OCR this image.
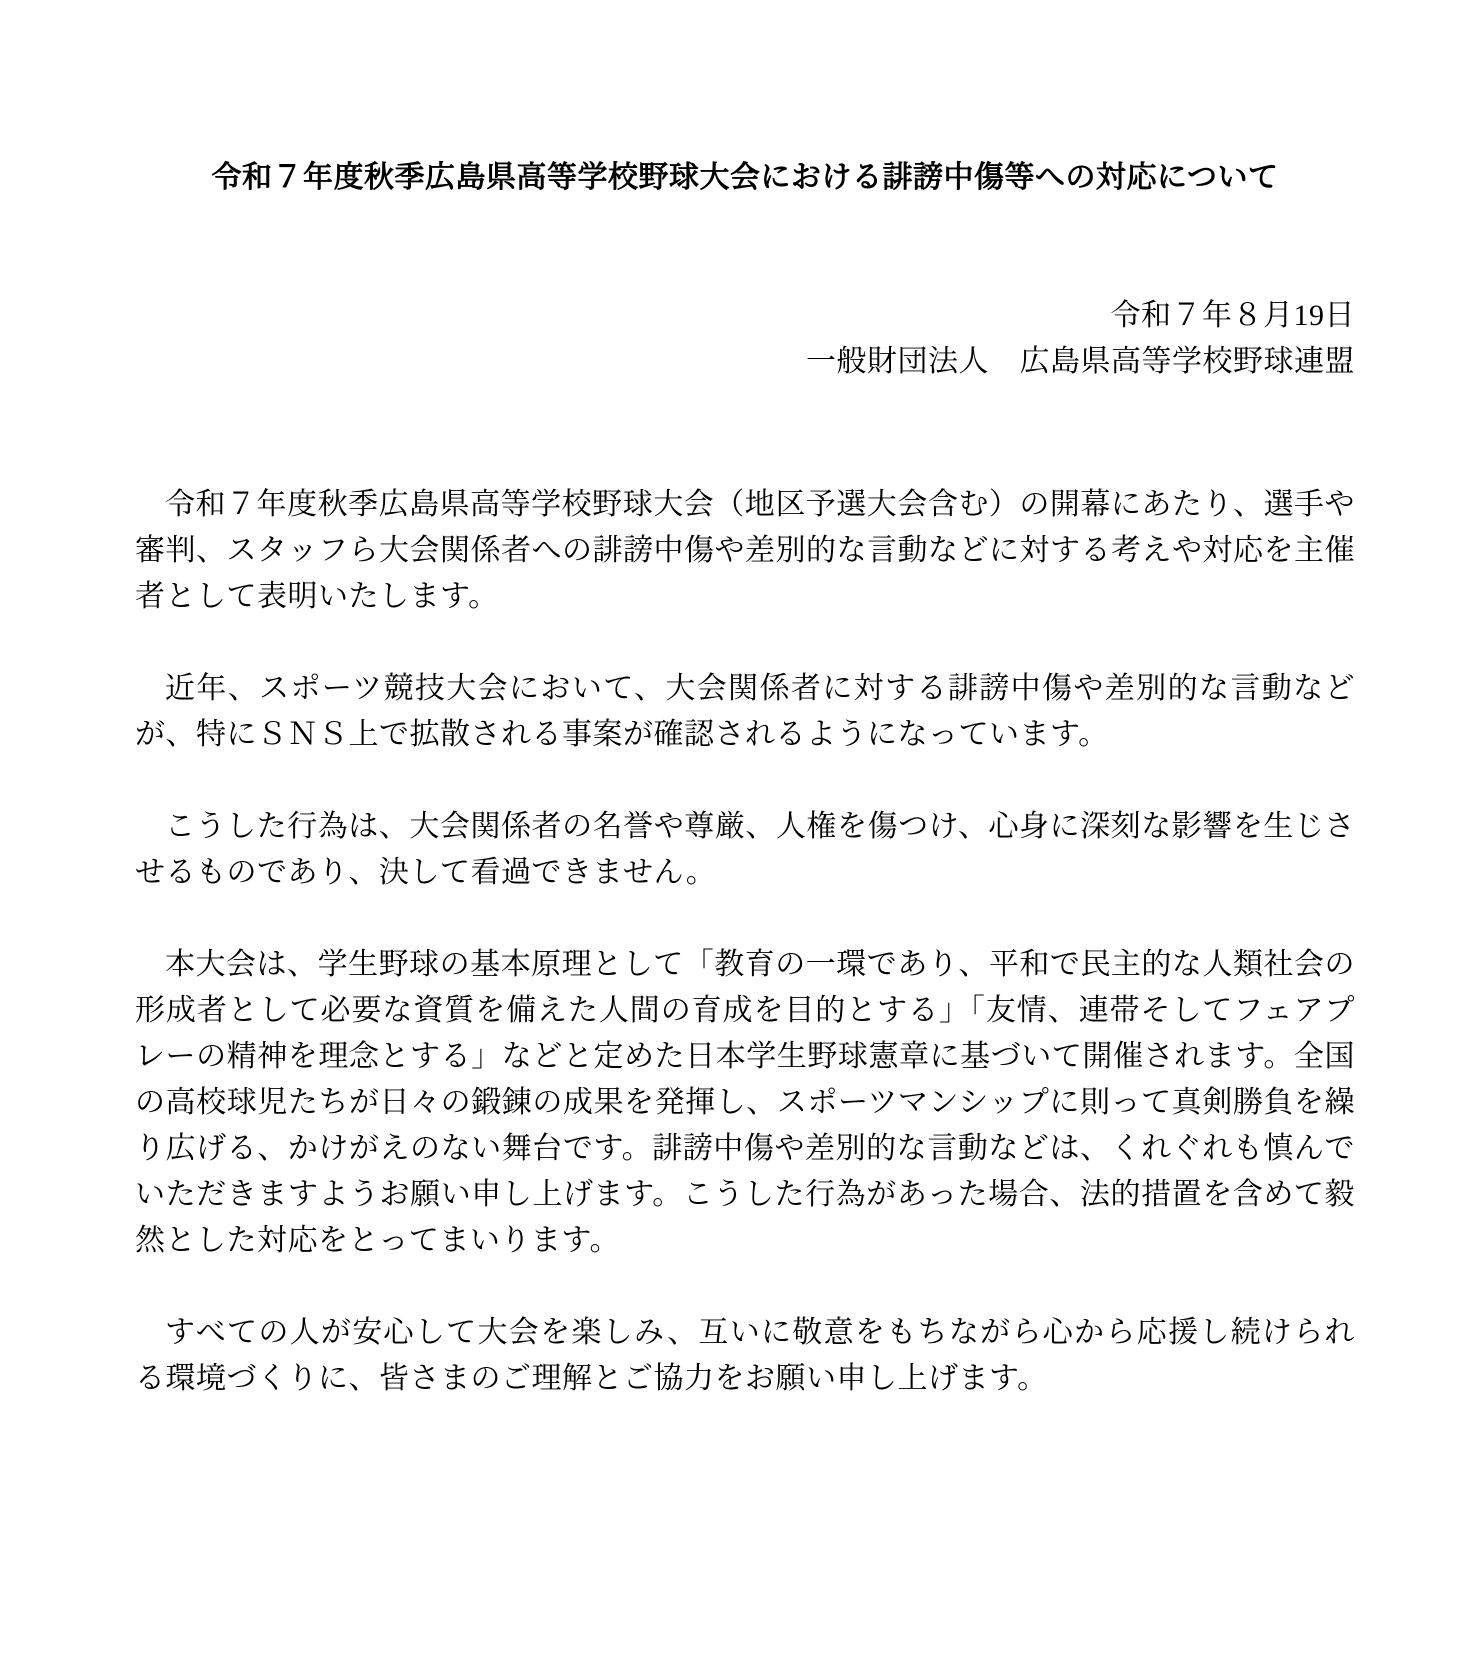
令和７年度秋季広島県高等学校野球大会における誹謗中傷等への対応について
令和７年８月19日
一般財団法人　広島県高等学校野球連盟

令和７年度秋季広島県高等学校野球大会（地区予選大会含む）の開幕にあたり、選手や審判、スタッフら大会関係者への誹謗中傷や差別的な言動などに対する考えや対応を主催者として表明いたします。

近年、スポーツ競技大会において、大会関係者に対する誹謗中傷や差別的な言動などが、特にＳＮＳ上で拡散される事案が確認されるようになっています。

こうした行為は、大会関係者の名誉や尊厳、人権を傷つけ、心身に深刻な影響を生じさせるものであり、決して看過できません。

本大会は、学生野球の基本原理として「教育の一環であり、平和で民主的な人類社会の形成者として必要な資質を備えた人間の育成を目的とする」「友情、連帯そしてフェアプレーの精神を理念とする」などと定めた日本学生野球憲章に基づいて開催されます。全国の高校球児たちが日々の鍛錬の成果を発揮し、スポーツマンシップに則って真剣勝負を繰り広げる、かけがえのない舞台です。誹謗中傷や差別的な言動などは、くれぐれも慎んでいただきますようお願い申し上げます。こうした行為があった場合、法的措置を含めて毅然とした対応をとってまいります。

すべての人が安心して大会を楽しみ、互いに敬意をもちながら心から応援し続けられる環境づくりに、皆さまのご理解とご協力をお願い申し上げます。
